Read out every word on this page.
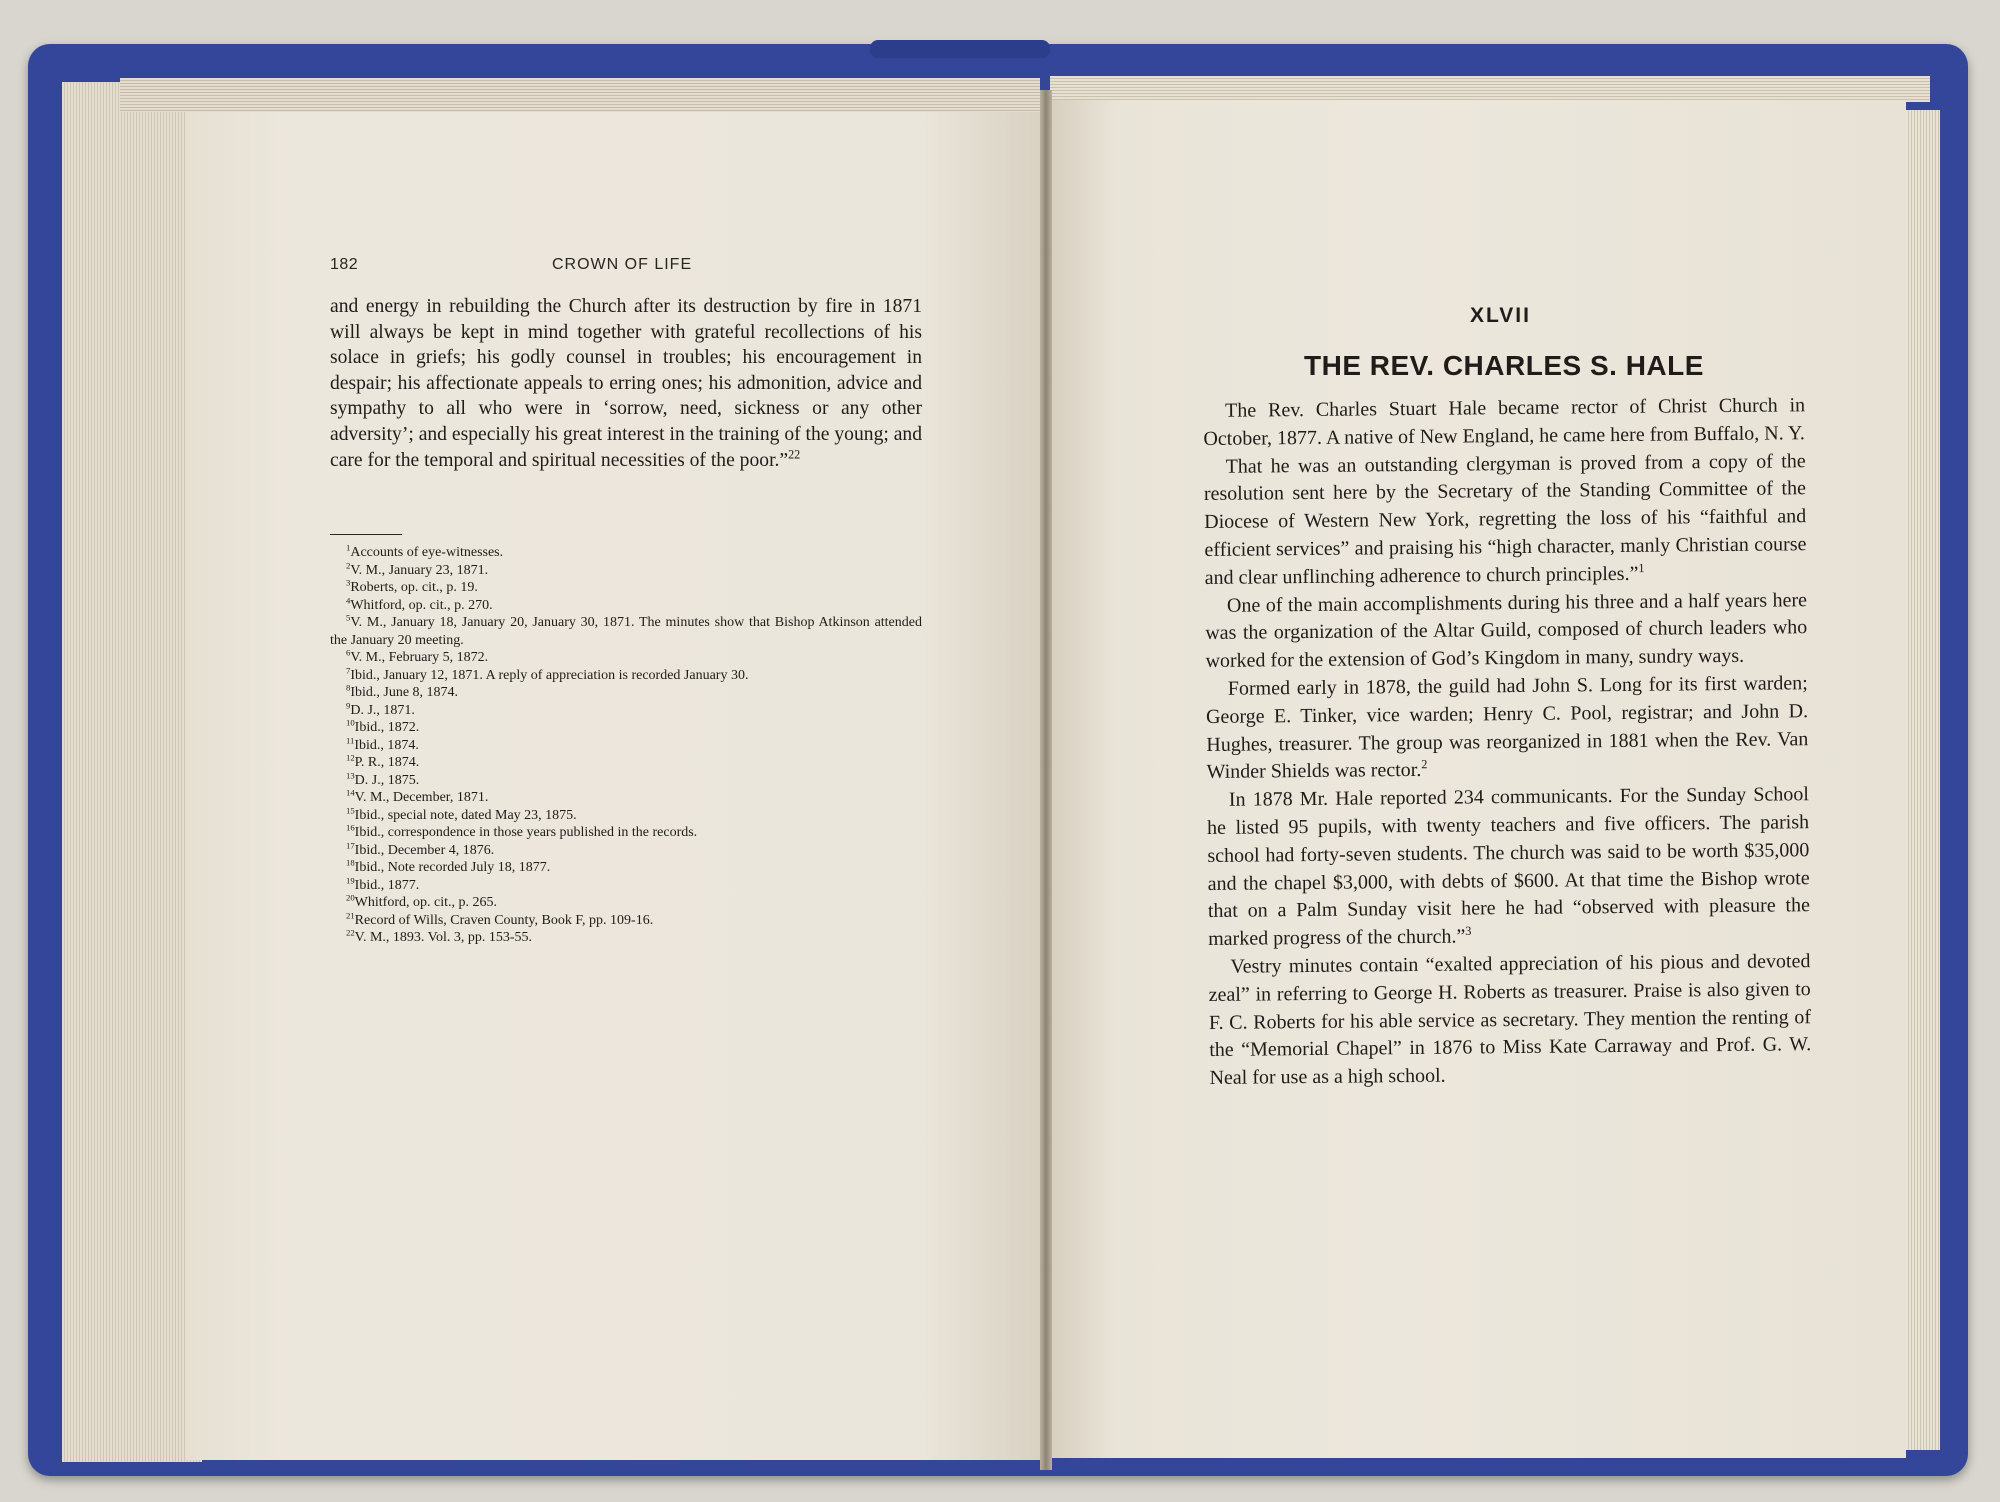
182	CROWN OF LIFE

and energy in rebuilding the Church after its destruction by fire in 1871 will always be kept in mind together with grateful recollections of his solace in griefs; his godly counsel in troubles; his encouragement in despair; his affectionate appeals to erring ones; his admonition, advice and sympathy to all who were in ‘sorrow, need, sickness or any other adversity’; and especially his great interest in the training of the young; and care for the temporal and spiritual necessities of the poor.”$^{22}$

$^1$Accounts of eye-witnesses.

$^2$V. M., January 23, 1871.

$^3$Roberts, op. cit., p. 19.

$^4$Whitford, op. cit., p. 270.

$^5$V. M., January 18, January 20, January 30, 1871. The minutes show that Bishop Atkinson attended the January 20 meeting.

$^6$V. M., February 5, 1872.

$^7$Ibid., January 12, 1871. A reply of appreciation is recorded January 30.

$^8$Ibid., June 8, 1874.

$^9$D. J., 1871.

$^{10}$Ibid., 1872.

$^{11}$Ibid., 1874.

$^{12}$P. R., 1874.

$^{13}$D. J., 1875.

$^{14}$V. M., December, 1871.

$^{15}$Ibid., special note, dated May 23, 1875.

$^{16}$Ibid., correspondence in those years published in the records.

$^{17}$Ibid., December 4, 1876.

$^{18}$Ibid., Note recorded July 18, 1877.

$^{19}$Ibid., 1877.

$^{20}$Whitford, op. cit., p. 265.

$^{21}$Record of Wills, Craven County, Book F, pp. 109-16.

$^{22}$V. M., 1893. Vol. 3, pp. 153-55.

XLVII
THE REV. CHARLES S. HALE

The Rev. Charles Stuart Hale became rector of Christ Church in October, 1877. A native of New England, he came here from Buffalo, N. Y.

That he was an outstanding clergyman is proved from a copy of the resolution sent here by the Secretary of the Standing Committee of the Diocese of Western New York, regretting the loss of his “faithful and efficient services” and praising his “high character, manly Christian course and clear unflinching adherence to church principles.”$^1$

One of the main accomplishments during his three and a half years here was the organization of the Altar Guild, composed of church leaders who worked for the extension of God’s Kingdom in many, sundry ways.

Formed early in 1878, the guild had John S. Long for its first warden; George E. Tinker, vice warden; Henry C. Pool, registrar; and John D. Hughes, treasurer. The group was reorganized in 1881 when the Rev. Van Winder Shields was rector.$^2$

In 1878 Mr. Hale reported 234 communicants. For the Sunday School he listed 95 pupils, with twenty teachers and five officers. The parish school had forty-seven students. The church was said to be worth $35,000 and the chapel $3,000, with debts of $600. At that time the Bishop wrote that on a Palm Sunday visit here he had “observed with pleasure the marked progress of the church.”$^3$

Vestry minutes contain “exalted appreciation of his pious and devoted zeal” in referring to George H. Roberts as treasurer. Praise is also given to F. C. Roberts for his able service as secretary. They mention the renting of the “Memorial Chapel” in 1876 to Miss Kate Carraway and Prof. G. W. Neal for use as a high school.
